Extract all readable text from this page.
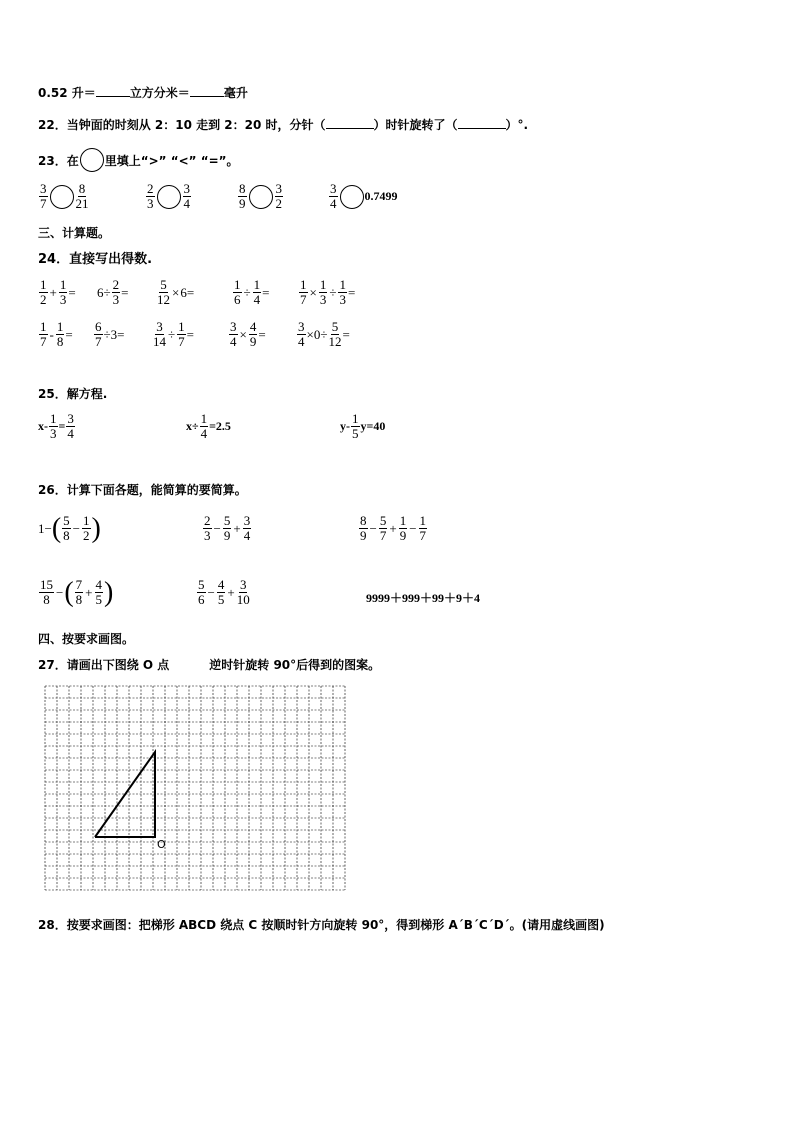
0.52 升＝	立方分米＝	毫升
22．当钟面的时刻从 2：10 走到 2：20 时，分针（	）时针旋转了（	）°.
23．在 里填上“>” “<” “=”。
$\frac{3}{7} \frac{8}{21}$	$\frac{2}{3} \frac{3}{4}$	$\frac{8}{9} \frac{3}{2}$	$\frac{3}{4} 0.7499$
三、计算题。
24．直接写出得数.
$\frac{1}{2} + \frac{1}{3} = 6\div \frac{2}{3} = \frac{5}{12} \times 6$ =	$\frac{1}{6} \div \frac{1}{4} = \frac{1}{7} \times \frac{1}{3} \div \frac{1}{3}$ =
$\frac{1}{7} - \frac{1}{8} = \frac{6}{7} \div 3= \frac{3}{14} \div \frac{1}{7}$ =	$\frac{3}{4} \times \frac{4}{9} = \frac{3}{4} \times 0\div \frac{5}{12}$ =
25．解方程.
$x- \frac{1}{3} = \frac{3}{4}$	$x\div \frac{1}{4} =2.5$	$y- \frac{1}{5} y=40$
26．计算下面各题，能简算的要简算。
1− ( $\frac{5}{8} - \frac{1}{2}$ )	$\frac{2}{3} - \frac{5}{9} + \frac{3}{4}$	$\frac{8}{9} - \frac{5}{7} + \frac{1}{9} - \frac{1}{7}$
$\frac{15}{8}$ − ( $\frac{7}{8} + \frac{4}{5}$ )	$\frac{5}{6} - \frac{4}{5} + \frac{3}{10}$	9999＋999＋99＋9＋4
四、按要求画图。
27．请画出下图绕 O 点	逆时针旋转 90°后得到的图案。
O
28．按要求画图：把梯形 ABCD 绕点 C 按顺时针方向旋转 90°，得到梯形 A´B´C´D´。(请用虚线画图)
